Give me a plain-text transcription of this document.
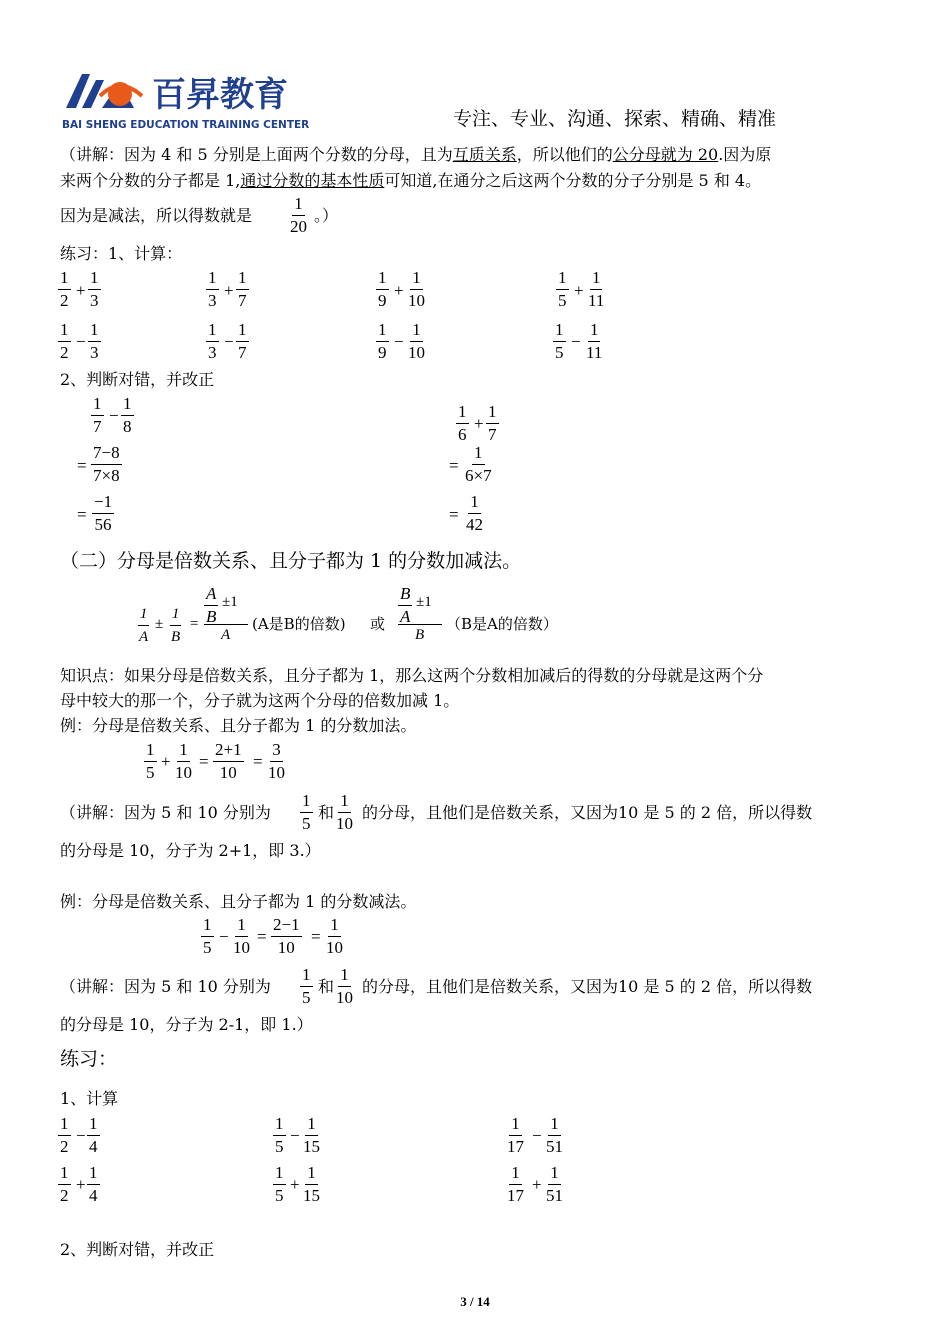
百昇教育
BAI SHENG EDUCATION TRAINING CENTER	专注、专业、沟通、探索、精确、精准
（讲解：因为 4 和 5 分别是上面两个分数的分母，且为互质关系，所以他们的公分母就为 20.因为原
来两个分数的分子都是 1,通过分数的基本性质可知道,在通分之后这两个分数的分子分别是 5 和 4。
因为是减法，所以得数就是
1
20
。）
练习：1、计算：
1
2
+
1
3
1
3
+
1
7
1
9
+
1
10
1
5
+
1
11
1
2
−
1
3
1
3
−
1
7
1
9
−
1
10
1
5
−
1
11
2、判断对错，并改正
1
7
−
1
8
=
7−8
7×8
=
−1
56
1
6
+
1
7
=
1
6×7
=
1
42
（二）分母是倍数关系、且分子都为 1 的分数加减法。
1
A
±
1
B
=
A
B
±1
A
(A是B的倍数) 或
B
A
±1
B
（B是A的倍数）
知识点：如果分母是倍数关系，且分子都为 1，那么这两个分数相加减后的得数的分母就是这两个分
母中较大的那一个，分子就为这两个分母的倍数加减 1。
例：分母是倍数关系、且分子都为 1 的分数加法。
1
5
+
1
10
=
2+1
10
=
3
10
（讲解：因为 5 和 10 分别为
1
5
和
1
10
的分母，且他们是倍数关系，又因为10 是 5 的 2 倍，所以得数
的分母是 10，分子为 2+1，即 3.）
例：分母是倍数关系、且分子都为 1 的分数减法。
1
5
−
1
10
=
2−1
10
=
1
10
（讲解：因为 5 和 10 分别为
1
5
和
1
10
的分母，且他们是倍数关系，又因为10 是 5 的 2 倍，所以得数
的分母是 10，分子为 2-1，即 1.）
练习：
1、计算
1
2
−
1
4
1
5
−
1
15
1
17
−
1
51
1
2
+
1
4
1
5
+
1
15
1
17
+
1
51
2、判断对错，并改正
3 / 14
